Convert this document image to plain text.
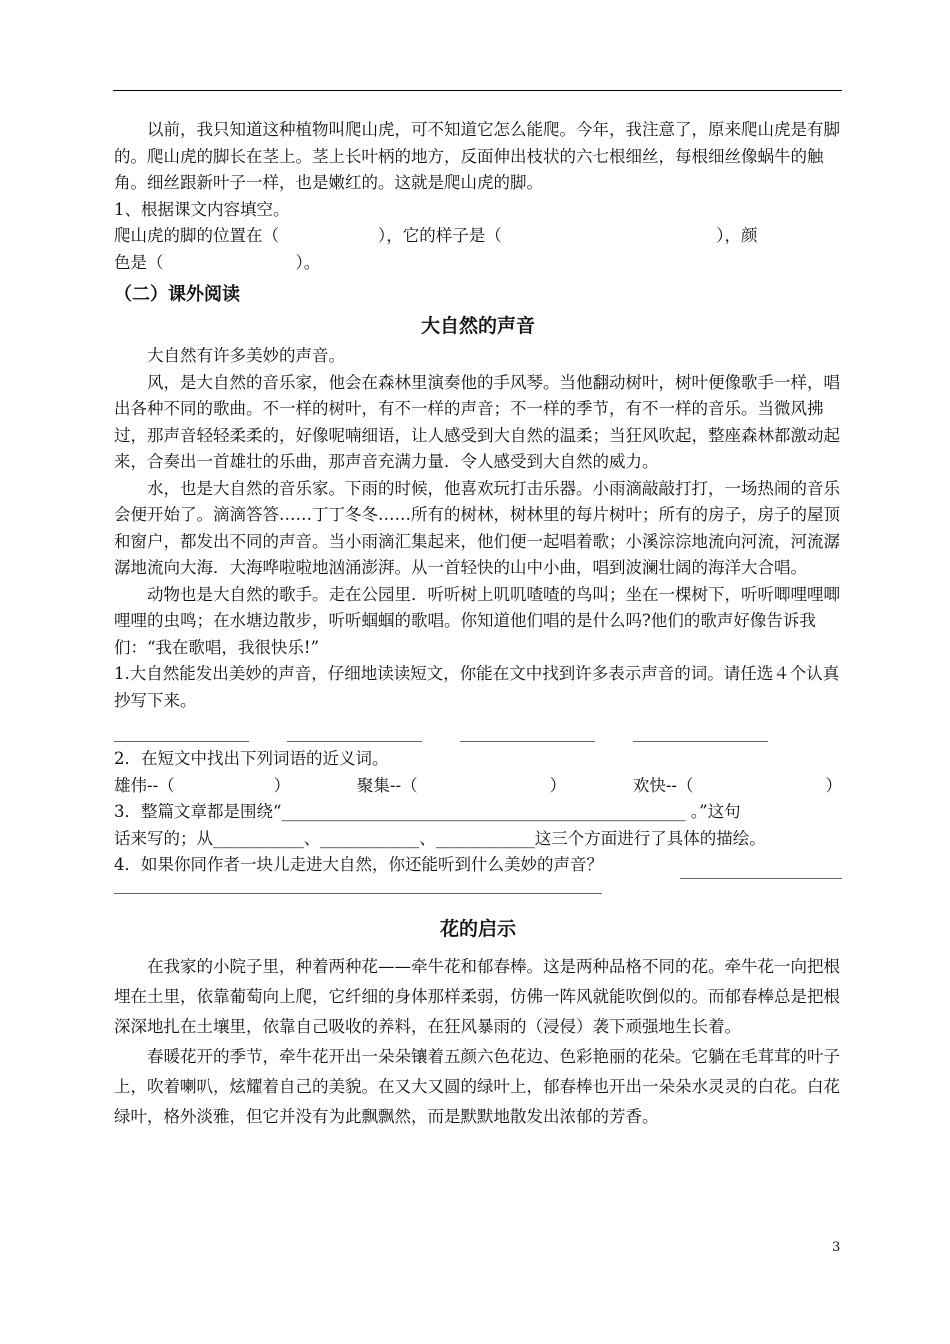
以前，我只知道这种植物叫爬山虎，可不知道它怎么能爬。今年，我注意了，原来爬山虎是有脚的。爬山虎的脚长在茎上。茎上长叶柄的地方，反面伸出枝状的六七根细丝，每根细丝像蜗牛的触角。细丝跟新叶子一样，也是嫩红的。这就是爬山虎的脚。

1、根据课文内容填空。

爬山虎的脚的位置在（　　　　　　），它的样子是（　　　　　　　　　　　　　），颜

色是（　　　　　　　　）。

（二）课外阅读
大自然的声音

大自然有许多美妙的声音。

风，是大自然的音乐家，他会在森林里演奏他的手风琴。当他翻动树叶，树叶便像歌手一样，唱出各种不同的歌曲。不一样的树叶，有不一样的声音；不一样的季节，有不一样的音乐。当微风拂过，那声音轻轻柔柔的，好像呢喃细语，让人感受到大自然的温柔；当狂风吹起，整座森林都激动起来，合奏出一首雄壮的乐曲，那声音充满力量．令人感受到大自然的威力。

水，也是大自然的音乐家。下雨的时候，他喜欢玩打击乐器。小雨滴敲敲打打，一场热闹的音乐会便开始了。滴滴答答……丁丁冬冬……所有的树林，树林里的每片树叶；所有的房子，房子的屋顶和窗户，都发出不同的声音。当小雨滴汇集起来，他们便一起唱着歌；小溪淙淙地流向河流，河流潺潺地流向大海．大海哗啦啦地汹涌澎湃。从一首轻快的山中小曲，唱到波澜壮阔的海洋大合唱。

动物也是大自然的歌手。走在公园里．听听树上叽叽喳喳的鸟叫；坐在一棵树下，听听唧哩哩唧哩哩的虫鸣；在水塘边散步，听听蝈蝈的歌唱。你知道他们唱的是什么吗?他们的歌声好像告诉我们：“我在歌唱，我很快乐!”

1.大自然能发出美妙的声音，仔细地读读短文，你能在文中找到许多表示声音的词。请任选４个认真抄写下来。

2．在短文中找出下列词语的近义词。

雄伟--（　　　　　　）	聚集--（　　　　　　　　）	欢快--（　　　　　　　　）

3．整篇文章都是围绕“_________________________________________________ 。”这句

话来写的；从___________、____________、____________这三个方面进行了具体的描绘。

4．如果你同作者一块儿走进大自然，你还能听到什么美妙的声音？
花的启示

在我家的小院子里，种着两种花——牵牛花和郁春棒。这是两种品格不同的花。牵牛花一向把根埋在土里，依靠葡萄向上爬，它纤细的身体那样柔弱，仿佛一阵风就能吹倒似的。而郁春棒总是把根深深地扎在土壤里，依靠自己吸收的养料，在狂风暴雨的（浸侵）袭下顽强地生长着。

春暖花开的季节，牵牛花开出一朵朵镶着五颜六色花边、色彩艳丽的花朵。它躺在毛茸茸的叶子上，吹着喇叭，炫耀着自己的美貌。在又大又圆的绿叶上，郁春棒也开出一朵朵水灵灵的白花。白花绿叶，格外淡雅，但它并没有为此飘飘然，而是默默地散发出浓郁的芳香。

3
